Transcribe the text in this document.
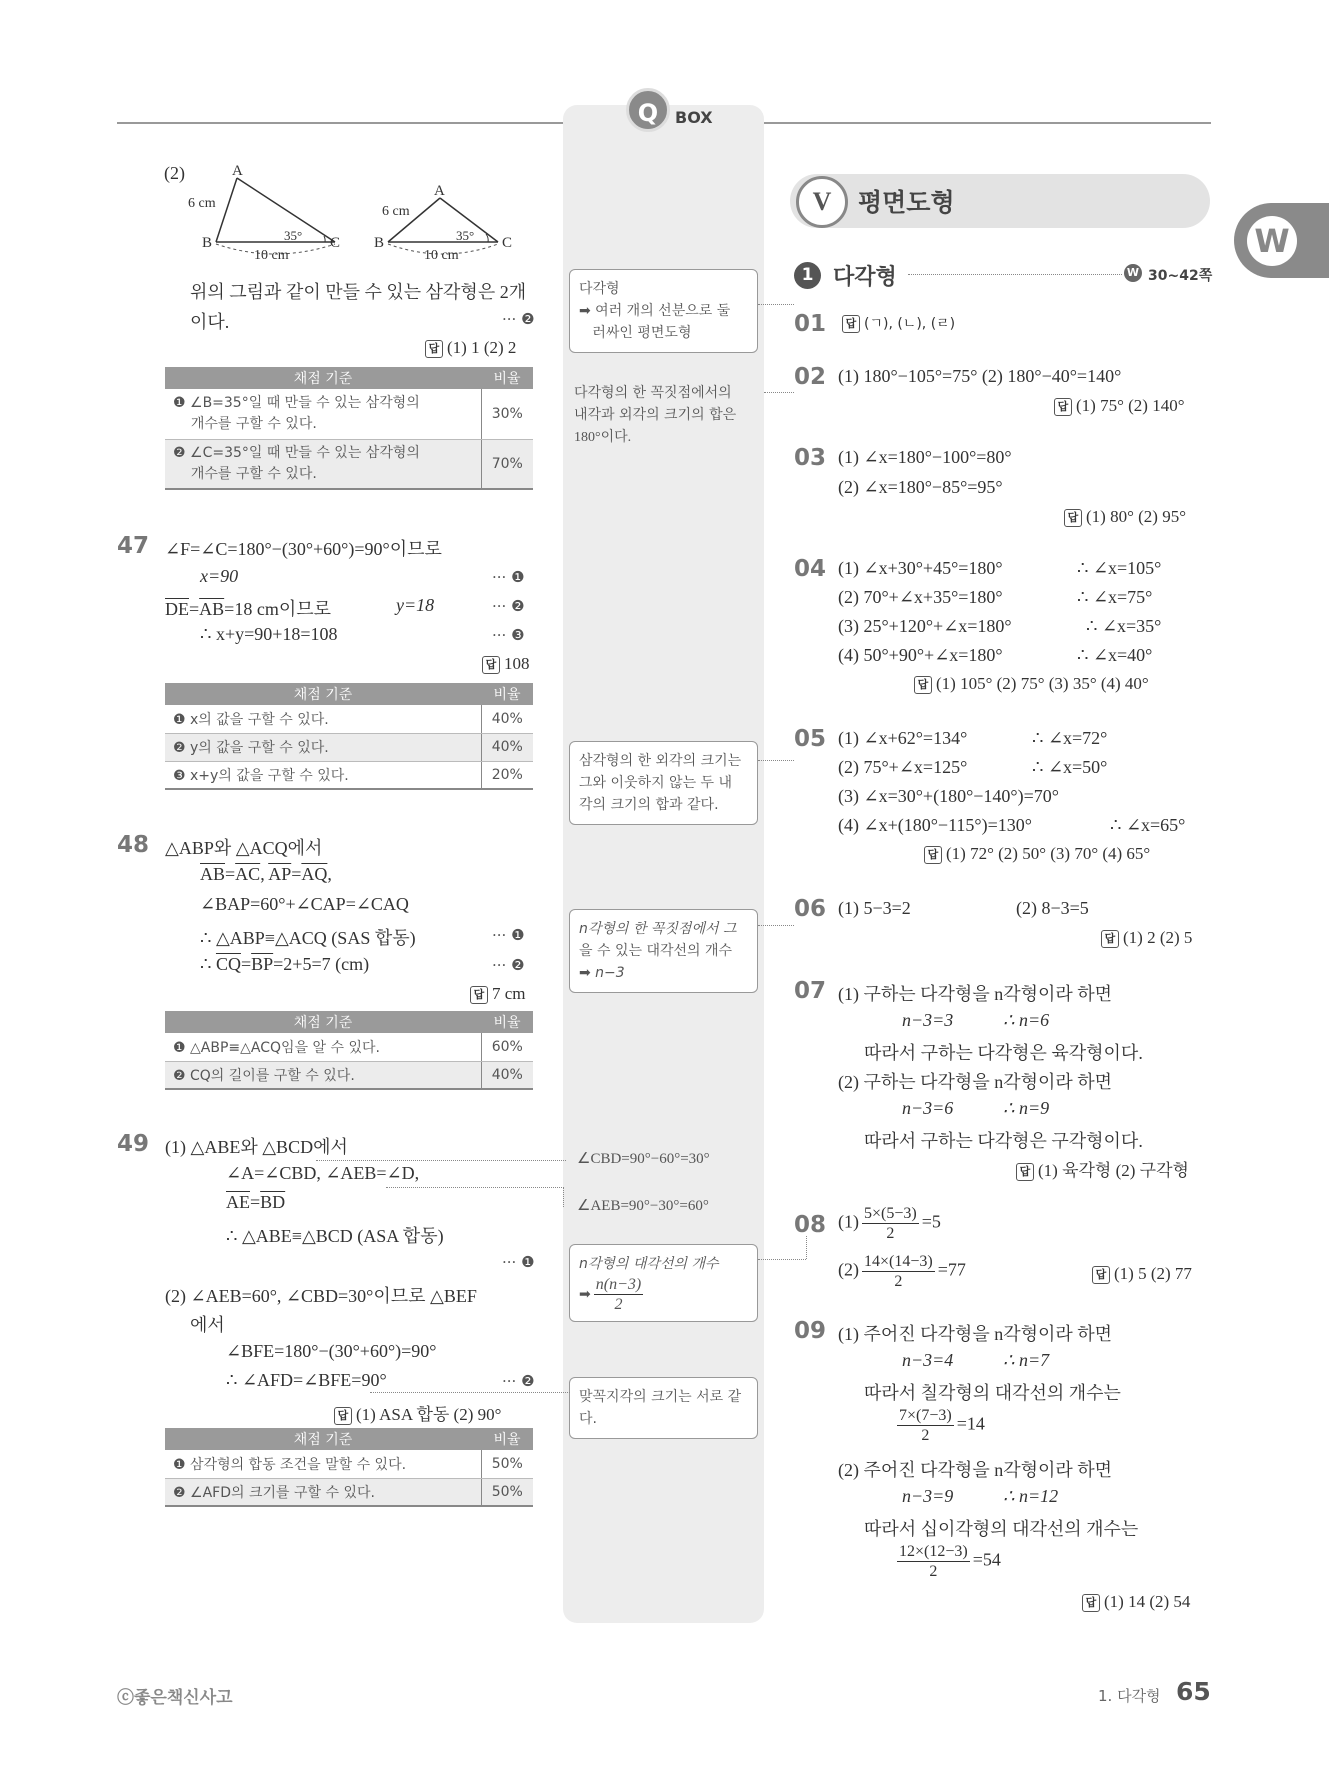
Q	BOX
W
(2)	A
B	C
6 cm
35°
10 cm
A
B	C
6 cm
35°
10 cm
위의 그림과 같이 만들 수 있는 삼각형은 2개
이다.	··· ❷
답 (1) 1 (2) 2
채점 기준	비율
❶ ∠B=35°일 때 만들 수 있는 삼각형의
개수를 구할 수 있다.	30%
❷ ∠C=35°일 때 만들 수 있는 삼각형의
개수를 구할 수 있다.	70%
47 ∠F=∠C=180°−(30°+60°)=90°이므로
x=90	··· ❶
$\overline{DE}=\overline{AB}=18$ cm이므로	y=18	··· ❷
∴ x+y=90+18=108	··· ❸
답 108
채점 기준	비율
❶ x의 값을 구할 수 있다.	40%
❷ y의 값을 구할 수 있다.	40%
❸ x+y의 값을 구할 수 있다.	20%
48 △ABP와 △ACQ에서
$\overline{AB}=\overline{AC}$, $\overline{AP}=\overline{AQ}$,
∠BAP=60°+∠CAP=∠CAQ
∴ △ABP≡△ACQ (SAS 합동)	··· ❶
∴ $\overline{CQ}=\overline{BP}=2+5=7$ (cm)	··· ❷
답 7 cm
채점 기준	비율
❶ △ABP≡△ACQ임을 알 수 있다.	60%
❷ CQ의 길이를 구할 수 있다.	40%
49 (1) △ABE와 △BCD에서
∠A=∠CBD, ∠AEB=∠D,
$\overline{AE}=\overline{BD}$
∴ △ABE≡△BCD (ASA 합동)
··· ❶
(2) ∠AEB=60°, ∠CBD=30°이므로 △BEF
에서
∠BFE=180°−(30°+60°)=90°
∴ ∠AFD=∠BFE=90°	··· ❷
답 (1) ASA 합동 (2) 90°
채점 기준	비율
❶ 삼각형의 합동 조건을 말할 수 있다.	50%
❷ ∠AFD의 크기를 구할 수 있다.	50%
다각형
➡ 여러 개의 선분으로 둘
러싸인 평면도형
다각형의 한 꼭짓점에서의
내각과 외각의 크기의 합은
180°이다.
삼각형의 한 외각의 크기는
그와 이웃하지 않는 두 내
각의 크기의 합과 같다.
n각형의 한 꼭짓점에서 그
을 수 있는 대각선의 개수
➡ n−3
∠CBD=90°−60°=30°
∠AEB=90°−30°=60°
n각형의 대각선의 개수
➡ $\frac{n(n-3)}{2}$
맞꼭지각의 크기는 서로 같
다.
V	평면도형
1 다각형	W 30~42쪽
01	답 (ㄱ), (ㄴ), (ㄹ)
02 (1) 180°−105°=75° (2) 180°−40°=140°
답 (1) 75° (2) 140°
03 (1) ∠x=180°−100°=80°
(2) ∠x=180°−85°=95°
답 (1) 80° (2) 95°
04 (1) ∠x+30°+45°=180°	∴ ∠x=105°
(2) 70°+∠x+35°=180°	∴ ∠x=75°
(3) 25°+120°+∠x=180°	∴ ∠x=35°
(4) 50°+90°+∠x=180°	∴ ∠x=40°
답 (1) 105° (2) 75° (3) 35° (4) 40°
05 (1) ∠x+62°=134°	∴ ∠x=72°
(2) 75°+∠x=125°	∴ ∠x=50°
(3) ∠x=30°+(180°−140°)=70°
(4) ∠x+(180°−115°)=130°	∴ ∠x=65°
답 (1) 72° (2) 50° (3) 70° (4) 65°
06 (1) 5−3=2	(2) 8−3=5
답 (1) 2 (2) 5
07 (1) 구하는 다각형을 n각형이라 하면
n−3=3	∴ n=6
따라서 구하는 다각형은 육각형이다.
(2) 구하는 다각형을 n각형이라 하면
n−3=6	∴ n=9
따라서 구하는 다각형은 구각형이다.
답 (1) 육각형 (2) 구각형
08 $(1) \frac{5\times(5-3)}{2} =5$
$(2) \frac{14\times(14-3)}{2} =77$	답 (1) 5 (2) 77
09 (1) 주어진 다각형을 n각형이라 하면
n−3=4	∴ n=7
따라서 칠각형의 대각선의 개수는
$\frac{7\times(7-3)}{2} =14$
(2) 주어진 다각형을 n각형이라 하면
n−3=9	∴ n=12
따라서 십이각형의 대각선의 개수는
$\frac{12\times(12-3)}{2} =54$
답 (1) 14 (2) 54
ⓒ좋은책신사고	1. 다각형 65
